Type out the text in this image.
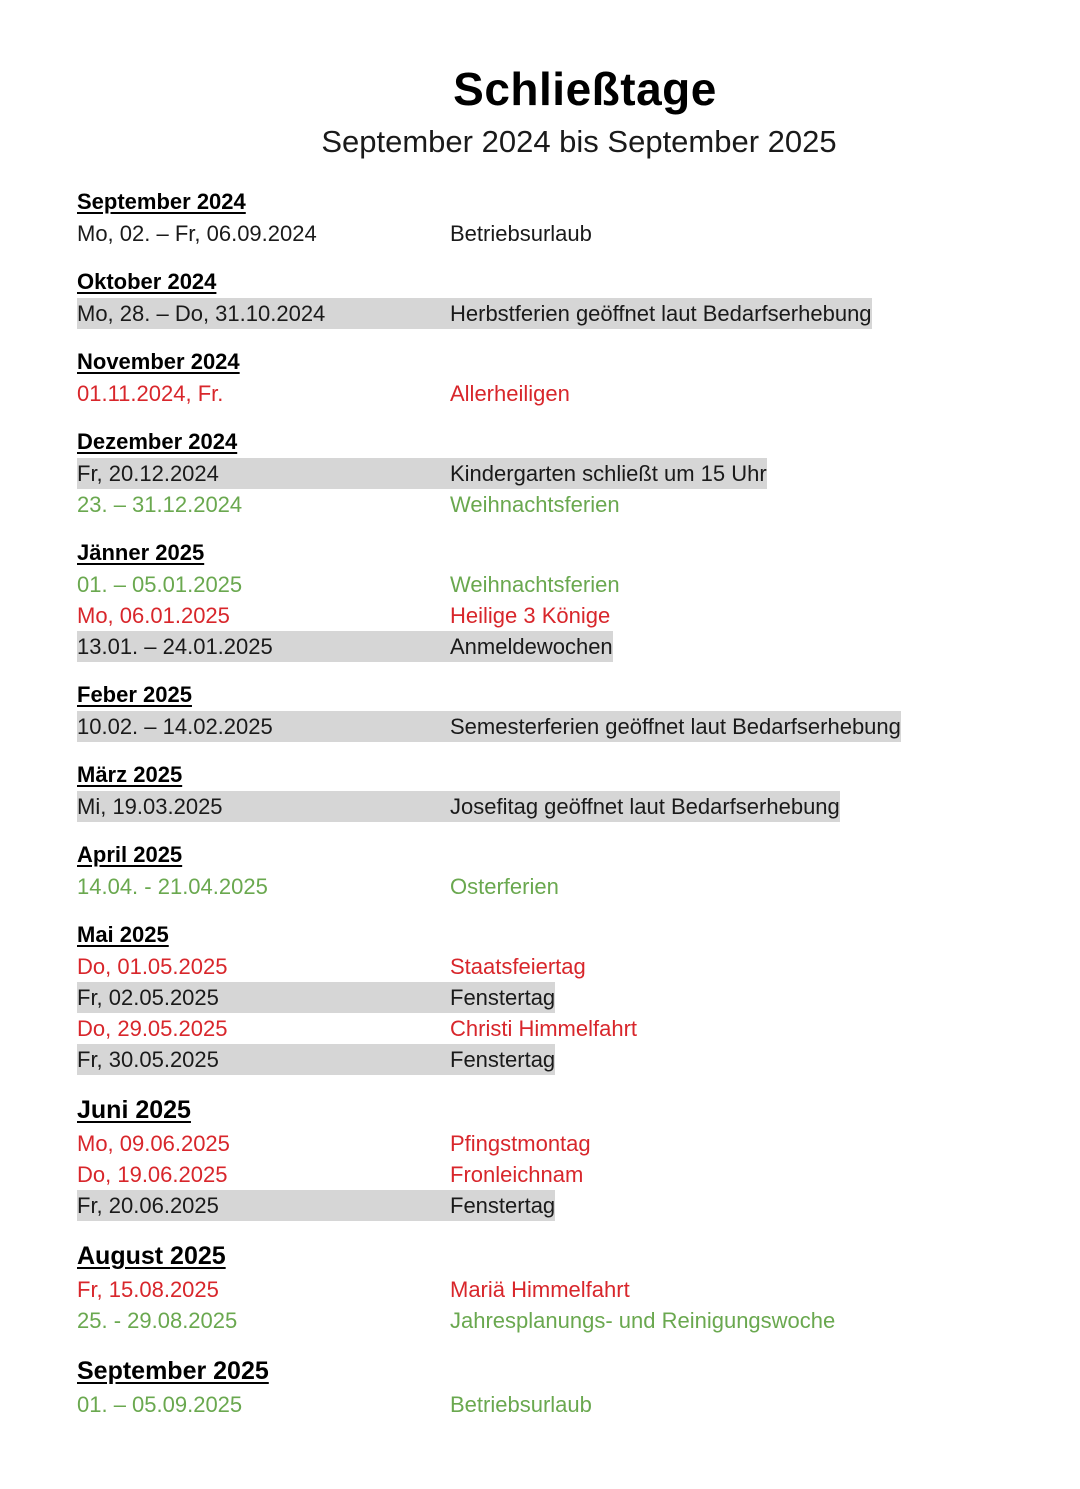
Schließtage
September 2024 bis September 2025
September 2024
Mo, 02. – Fr, 06.09.2024	Betriebsurlaub
Oktober 2024
Mo, 28. – Do, 31.10.2024	Herbstferien geöffnet laut Bedarfserhebung
November 2024
01.11.2024, Fr.	Allerheiligen
Dezember 2024
Fr, 20.12.2024	Kindergarten schließt um 15 Uhr
23. – 31.12.2024	Weihnachtsferien
Jänner 2025
01. – 05.01.2025	Weihnachtsferien
Mo, 06.01.2025	Heilige 3 Könige
13.01. – 24.01.2025	Anmeldewochen
Feber 2025
10.02. – 14.02.2025	Semesterferien geöffnet laut Bedarfserhebung
März 2025
Mi, 19.03.2025	Josefitag geöffnet laut Bedarfserhebung
April 2025
14.04. - 21.04.2025	Osterferien
Mai 2025
Do, 01.05.2025	Staatsfeiertag
Fr, 02.05.2025	Fenstertag
Do, 29.05.2025	Christi Himmelfahrt
Fr, 30.05.2025	Fenstertag
Juni 2025
Mo, 09.06.2025	Pfingstmontag
Do, 19.06.2025	Fronleichnam
Fr, 20.06.2025	Fenstertag
August 2025
Fr, 15.08.2025	Mariä Himmelfahrt
25. - 29.08.2025	Jahresplanungs- und Reinigungswoche
September 2025
01. – 05.09.2025	Betriebsurlaub
